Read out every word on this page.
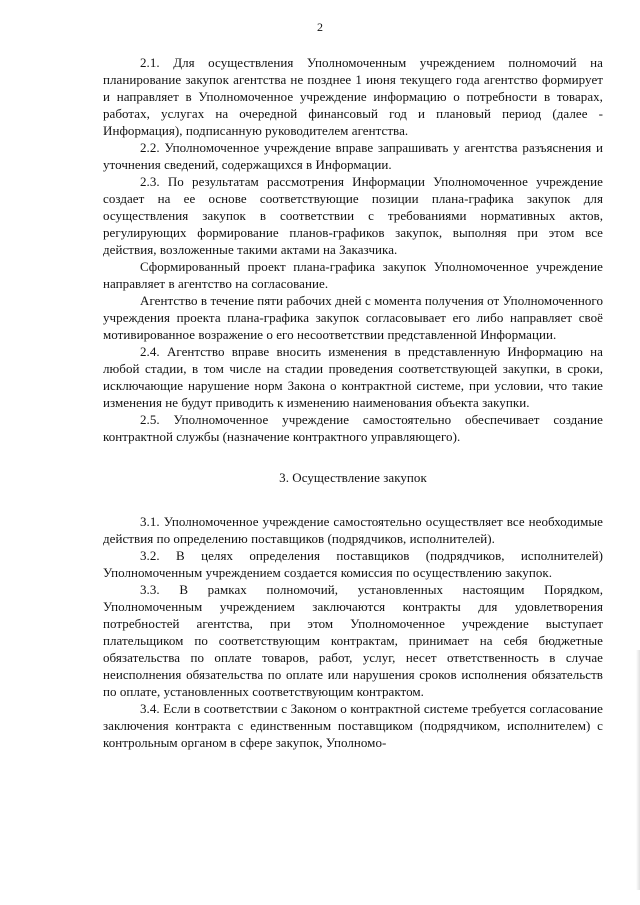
2

2.1. Для осуществления Уполномоченным учреждением полномочий на планирование закупок агентства не позднее 1 июня текущего года агентство формирует и направляет в Уполномоченное учреждение информацию о потребности в товарах, работах, услугах на очередной финансовый год и плановый период (далее - Информация), подписанную руководителем агентства.

2.2. Уполномоченное учреждение вправе запрашивать у агентства разъяснения и уточнения сведений, содержащихся в Информации.

2.3. По результатам рассмотрения Информации Уполномоченное учреждение создает на ее основе соответствующие позиции плана-графика закупок для осуществления закупок в соответствии с требованиями нормативных актов, регулирующих формирование планов-графиков закупок, выполняя при этом все действия, возложенные такими актами на Заказчика.

Сформированный проект плана-графика закупок Уполномоченное учреждение направляет в агентство на согласование.

Агентство в течение пяти рабочих дней с момента получения от Уполномоченного учреждения проекта плана-графика закупок согласовывает его либо направляет своё мотивированное возражение о его несоответствии представленной Информации.

2.4. Агентство вправе вносить изменения в представленную Информацию на любой стадии, в том числе на стадии проведения соответствующей закупки, в сроки, исключающие нарушение норм Закона о контрактной системе, при условии, что такие изменения не будут приводить к изменению наименования объекта закупки.

2.5. Уполномоченное учреждение самостоятельно обеспечивает создание контрактной службы (назначение контрактного управляющего).

3. Осуществление закупок

3.1. Уполномоченное учреждение самостоятельно осуществляет все необходимые действия по определению поставщиков (подрядчиков, исполнителей).

3.2. В целях определения поставщиков (подрядчиков, исполнителей) Уполномоченным учреждением создается комиссия по осуществлению закупок.

3.3. В рамках полномочий, установленных настоящим Порядком, Уполномоченным учреждением заключаются контракты для удовлетворения потребностей агентства, при этом Уполномоченное учреждение выступает плательщиком по соответствующим контрактам, принимает на себя бюджетные обязательства по оплате товаров, работ, услуг, несет ответственность в случае неисполнения обязательства по оплате или нарушения сроков исполнения обязательств по оплате, установленных соответствующим контрактом.

3.4. Если в соответствии с Законом о контрактной системе требуется согласование заключения контракта с единственным поставщиком (подрядчиком, исполнителем) с контрольным органом в сфере закупок, Уполномо-
